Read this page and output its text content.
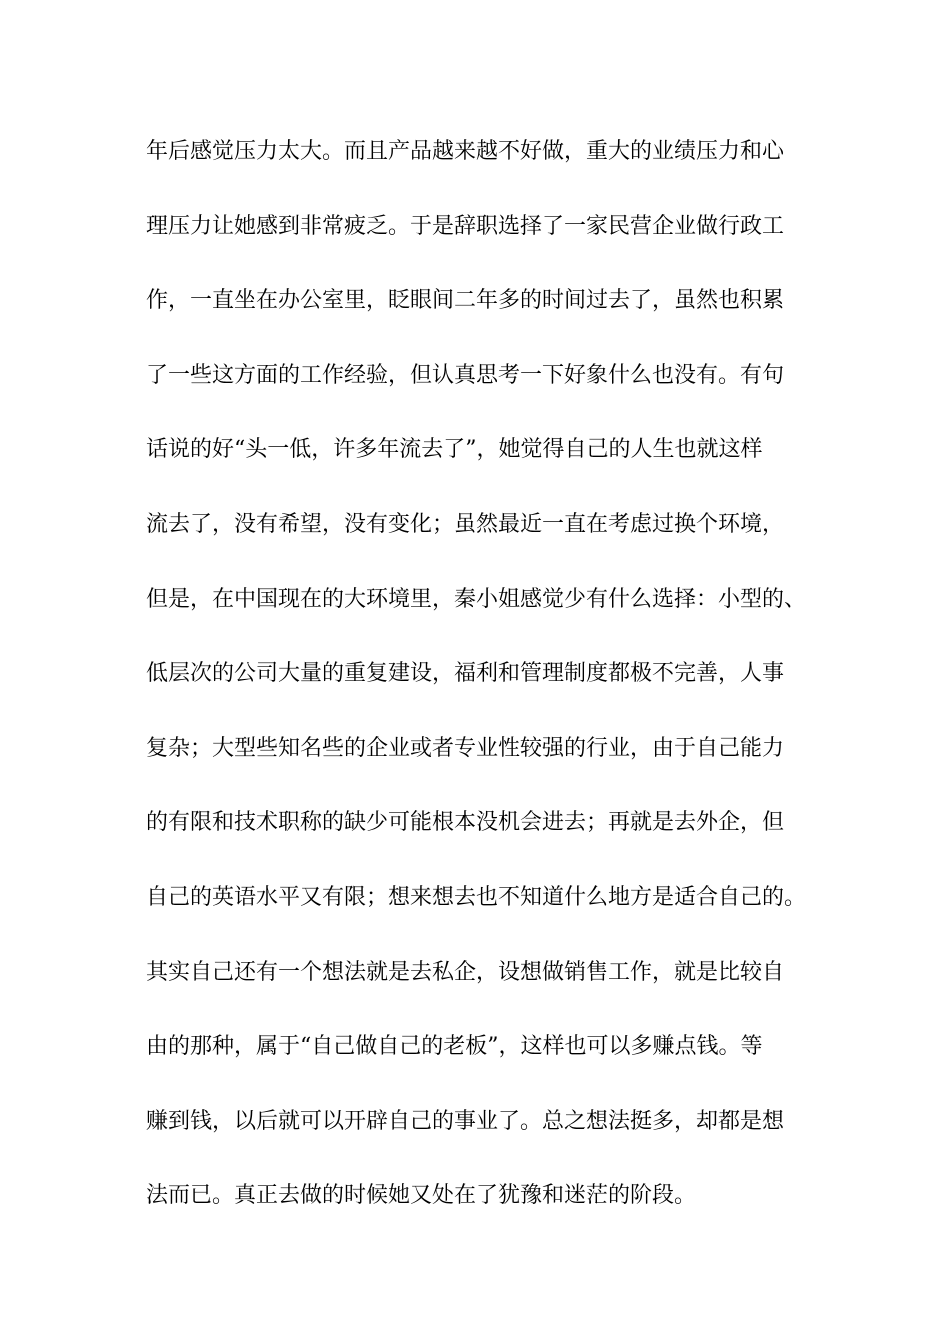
年后感觉压力太大。而且产品越来越不好做，重大的业绩压力和心
理压力让她感到非常疲乏。于是辞职选择了一家民营企业做行政工
作，一直坐在办公室里，眨眼间二年多的时间过去了，虽然也积累
了一些这方面的工作经验，但认真思考一下好象什么也没有。有句
话说的好“头一低，许多年流去了”，她觉得自己的人生也就这样
流去了，没有希望，没有变化；虽然最近一直在考虑过换个环境，
但是，在中国现在的大环境里，秦小姐感觉少有什么选择：小型的、
低层次的公司大量的重复建设，福利和管理制度都极不完善，人事
复杂；大型些知名些的企业或者专业性较强的行业，由于自己能力
的有限和技术职称的缺少可能根本没机会进去；再就是去外企，但
自己的英语水平又有限；想来想去也不知道什么地方是适合自己的。
其实自己还有一个想法就是去私企，设想做销售工作，就是比较自
由的那种，属于“自己做自己的老板”，这样也可以多赚点钱。等
赚到钱，以后就可以开辟自己的事业了。总之想法挺多，却都是想
法而已。真正去做的时候她又处在了犹豫和迷茫的阶段。
